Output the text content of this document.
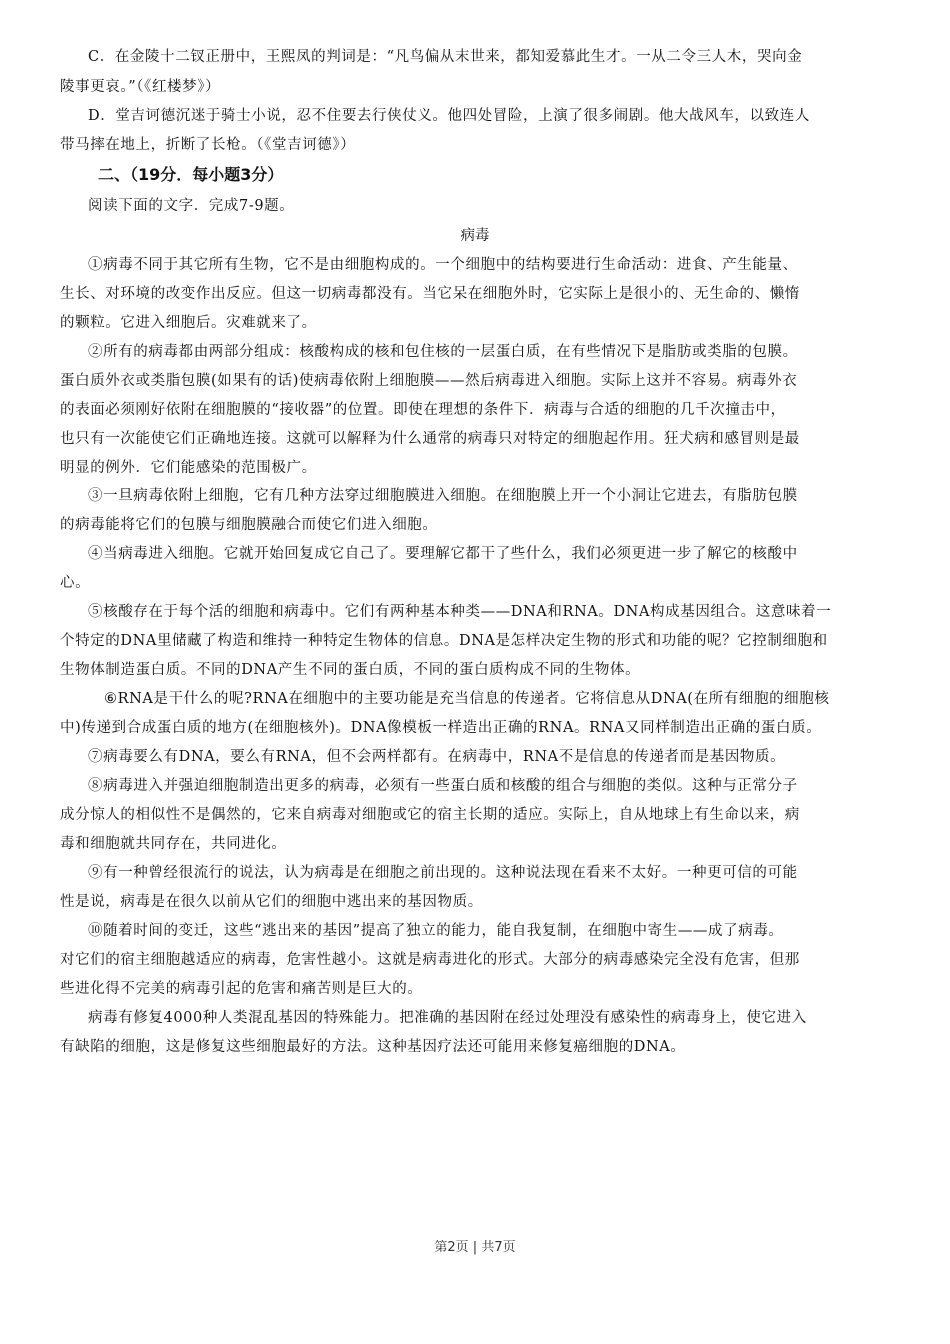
C．在金陵十二钗正册中，王熙凤的判词是：“凡鸟偏从末世来，都知爱慕此生才。一从二令三人木，哭向金
陵事更哀。”（《红楼梦》）
D．堂吉诃德沉迷于骑士小说，忍不住要去行侠仗义。他四处冒险，上演了很多闹剧。他大战风车，以致连人
带马摔在地上，折断了长枪。（《堂吉诃德》）
二、（19分．每小题3分）
阅读下面的文字．完成7-9题。
病毒
①病毒不同于其它所有生物，它不是由细胞构成的。一个细胞中的结构要进行生命活动：进食、产生能量、
生长、对环境的改变作出反应。但这一切病毒都没有。当它呆在细胞外时，它实际上是很小的、无生命的、懒惰
的颗粒。它进入细胞后。灾难就来了。
②所有的病毒都由两部分组成：核酸构成的核和包住核的一层蛋白质，在有些情况下是脂肪或类脂的包膜。
蛋白质外衣或类脂包膜(如果有的话)使病毒依附上细胞膜——然后病毒进入细胞。实际上这并不容易。病毒外衣
的表面必须刚好依附在细胞膜的“接收器”的位置。即使在理想的条件下．病毒与合适的细胞的几千次撞击中，
也只有一次能使它们正确地连接。这就可以解释为什么通常的病毒只对特定的细胞起作用。狂犬病和感冒则是最
明显的例外．它们能感染的范围极广。
③一旦病毒依附上细胞，它有几种方法穿过细胞膜进入细胞。在细胞膜上开一个小洞让它进去，有脂肪包膜
的病毒能将它们的包膜与细胞膜融合而使它们进入细胞。
④当病毒进入细胞。它就开始回复成它自己了。要理解它都干了些什么，我们必须更进一步了解它的核酸中
心。
⑤核酸存在于每个活的细胞和病毒中。它们有两种基本种类——DNA和RNA。DNA构成基因组合。这意味着一
个特定的DNA里储藏了构造和维持一种特定生物体的信息。DNA是怎样决定生物的形式和功能的呢？它控制细胞和
生物体制造蛋白质。不同的DNA产生不同的蛋白质，不同的蛋白质构成不同的生物体。
⑥RNA是干什么的呢?RNA在细胞中的主要功能是充当信息的传递者。它将信息从DNA(在所有细胞的细胞核
中)传递到合成蛋白质的地方(在细胞核外)。DNA像模板一样造出正确的RNA。RNA又同样制造出正确的蛋白质。
⑦病毒要么有DNA，要么有RNA，但不会两样都有。在病毒中，RNA不是信息的传递者而是基因物质。
⑧病毒进入并强迫细胞制造出更多的病毒，必须有一些蛋白质和核酸的组合与细胞的类似。这种与正常分子
成分惊人的相似性不是偶然的，它来自病毒对细胞或它的宿主长期的适应。实际上，自从地球上有生命以来，病
毒和细胞就共同存在，共同进化。
⑨有一种曾经很流行的说法，认为病毒是在细胞之前出现的。这种说法现在看来不太好。一种更可信的可能
性是说，病毒是在很久以前从它们的细胞中逃出来的基因物质。
⑩随着时间的变迁，这些“逃出来的基因”提高了独立的能力，能自我复制，在细胞中寄生——成了病毒。
对它们的宿主细胞越适应的病毒，危害性越小。这就是病毒进化的形式。大部分的病毒感染完全没有危害，但那
些进化得不完美的病毒引起的危害和痛苦则是巨大的。
病毒有修复4000种人类混乱基因的特殊能力。把准确的基因附在经过处理没有感染性的病毒身上，使它进入
有缺陷的细胞，这是修复这些细胞最好的方法。这种基因疗法还可能用来修复癌细胞的DNA。
第2页 | 共7页
